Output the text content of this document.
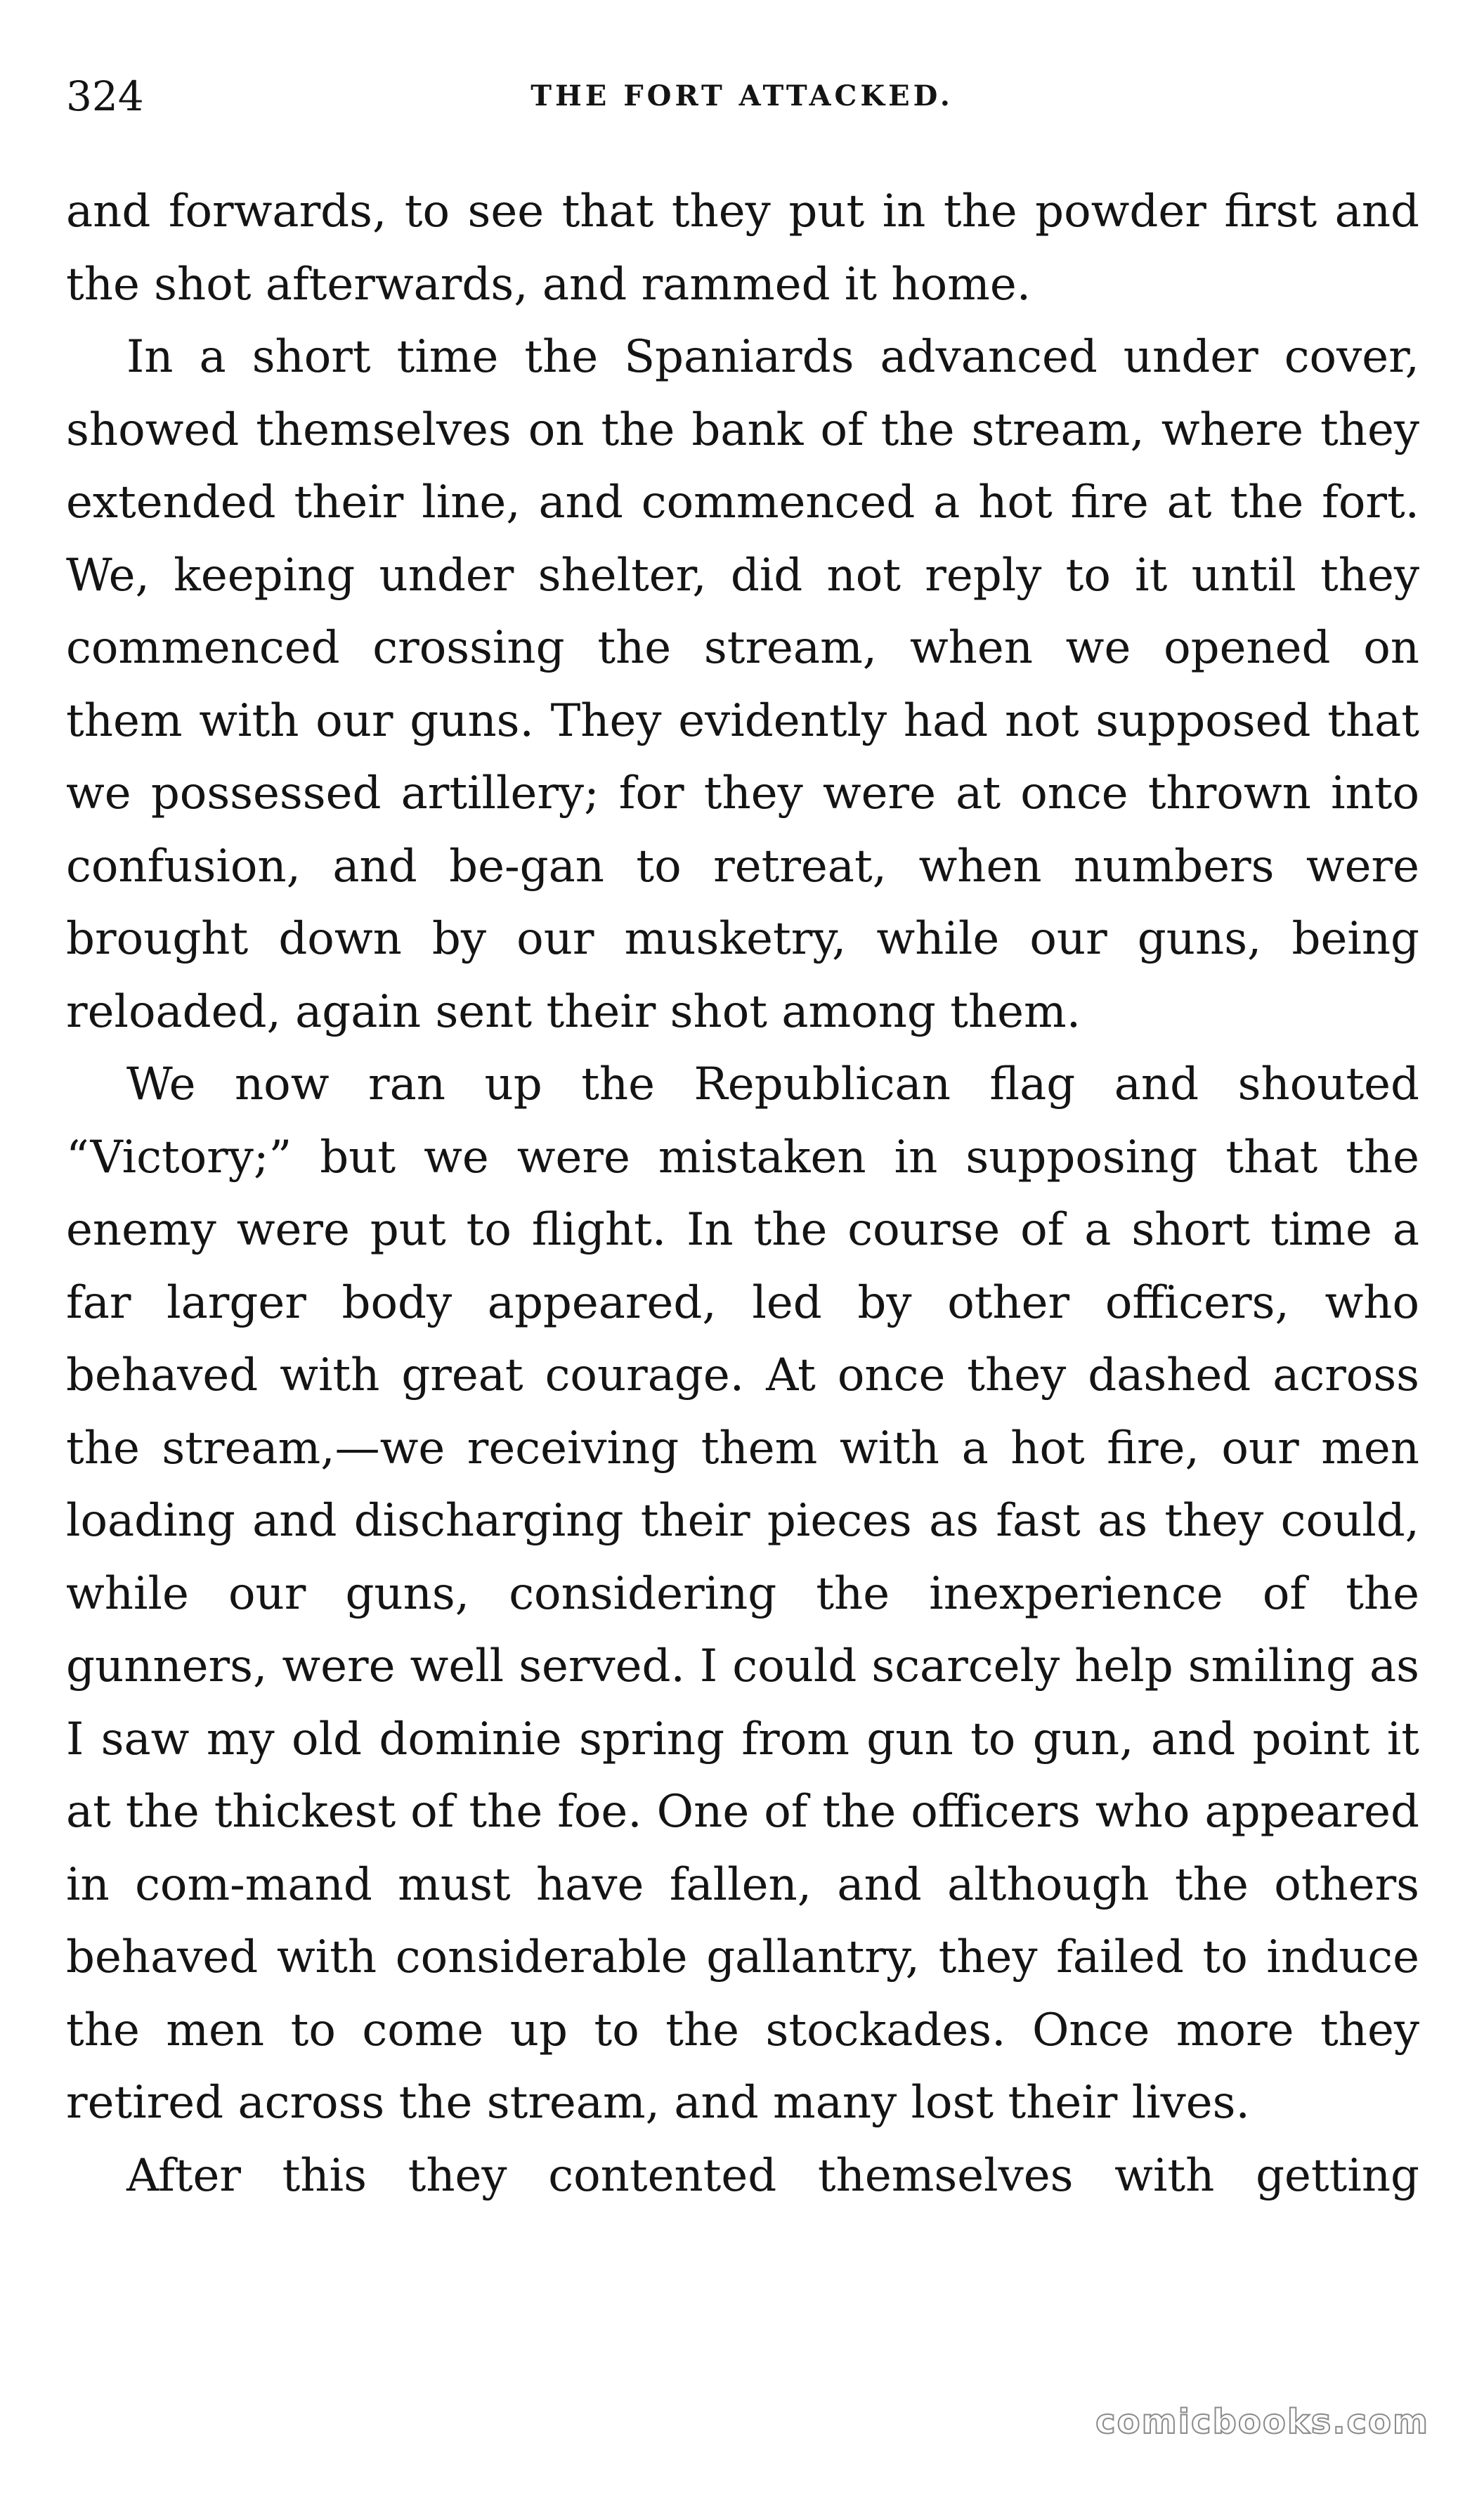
324	THE FORT ATTACKED.

and forwards, to see that they put in the powder first and the shot afterwards, and rammed it home.

In a short time the Spaniards advanced under cover, showed themselves on the bank of the stream, where they extended their line, and commenced a hot fire at the fort. We, keeping under shelter, did not reply to it until they commenced crossing the stream, when we opened on them with our guns. They evidently had not supposed that we possessed artillery; for they were at once thrown into confusion, and be-gan to retreat, when numbers were brought down by our musketry, while our guns, being reloaded, again sent their shot among them.

We now ran up the Republican flag and shouted “Victory;” but we were mistaken in supposing that the enemy were put to flight. In the course of a short time a far larger body appeared, led by other officers, who behaved with great courage. At once they dashed across the stream,—we receiving them with a hot fire, our men loading and discharging their pieces as fast as they could, while our guns, considering the inexperience of the gunners, were well served. I could scarcely help smiling as I saw my old dominie spring from gun to gun, and point it at the thickest of the foe. One of the officers who appeared in com-mand must have fallen, and although the others behaved with considerable gallantry, they failed to induce the men to come up to the stockades. Once more they retired across the stream, and many lost their lives.

After this they contented themselves with getting

comicbooks.com
